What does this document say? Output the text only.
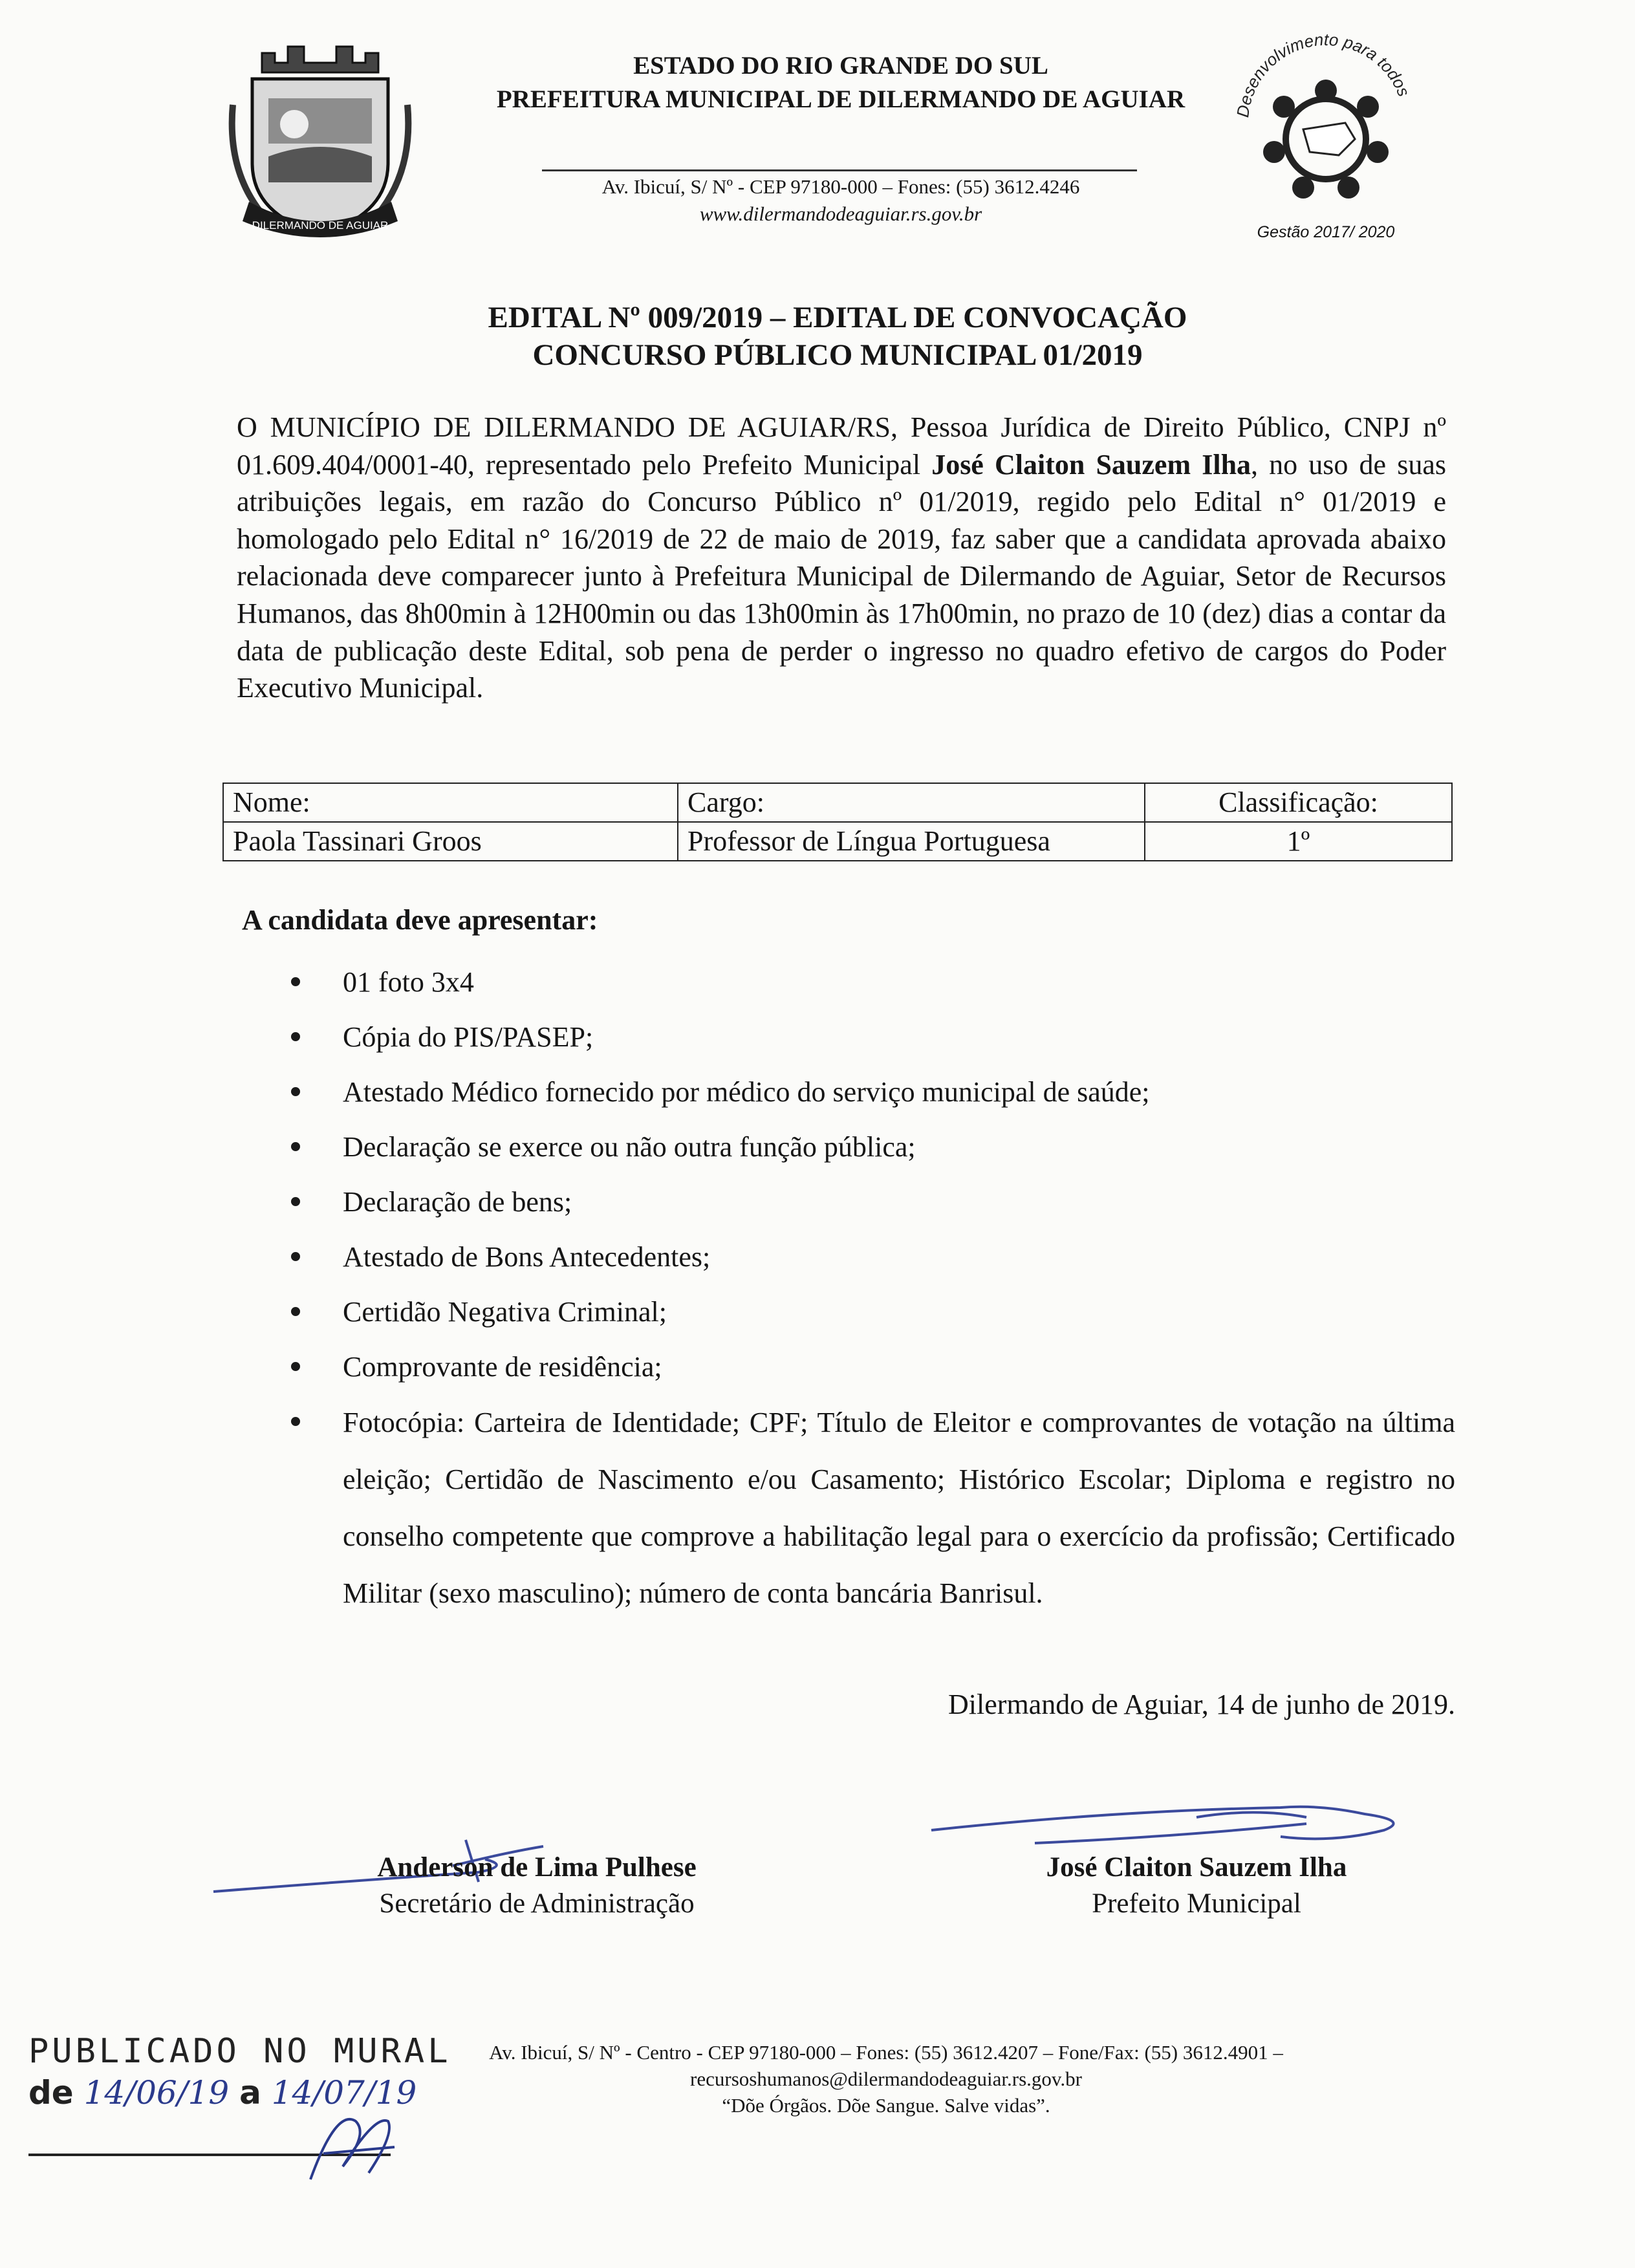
DILERMANDO DE AGUIAR
ESTADO DO RIO GRANDE DO SUL
PREFEITURA MUNICIPAL DE DILERMANDO DE AGUIAR
Av. Ibicuí, S/ Nº - CEP 97180-000 – Fones: (55) 3612.4246
www.dilermandodeaguiar.rs.gov.br
Desenvolvimento para todos
Gestão 2017/ 2020
EDITAL Nº 009/2019 – EDITAL DE CONVOCAÇÃO
CONCURSO PÚBLICO MUNICIPAL 01/2019

O MUNICÍPIO DE DILERMANDO DE AGUIAR/RS, Pessoa Jurídica de Direito Público, CNPJ nº 01.609.404/0001-40, representado pelo Prefeito Municipal José Claiton Sauzem Ilha, no uso de suas atribuições legais, em razão do Concurso Público nº 01/2019, regido pelo Edital n° 01/2019 e homologado pelo Edital n° 16/2019 de 22 de maio de 2019, faz saber que a candidata aprovada abaixo relacionada deve comparecer junto à Prefeitura Municipal de Dilermando de Aguiar, Setor de Recursos Humanos, das 8h00min à 12H00min ou das 13h00min às 17h00min, no prazo de 10 (dez) dias a contar da data de publicação deste Edital, sob pena de perder o ingresso no quadro efetivo de cargos do Poder Executivo Municipal.

Nome:	Cargo:	Classificação:
Paola Tassinari Groos	Professor de Língua Portuguesa	1º
A candidata deve apresentar:
01 foto 3x4
Cópia do PIS/PASEP;
Atestado Médico fornecido por médico do serviço municipal de saúde;
Declaração se exerce ou não outra função pública;
Declaração de bens;
Atestado de Bons Antecedentes;
Certidão Negativa Criminal;
Comprovante de residência;
Fotocópia: Carteira de Identidade; CPF; Título de Eleitor e comprovantes de votação na última eleição; Certidão de Nascimento e/ou Casamento; Histórico Escolar; Diploma e registro no conselho competente que comprove a habilitação legal para o exercício da profissão; Certificado Militar (sexo masculino); número de conta bancária Banrisul.
Dilermando de Aguiar, 14 de junho de 2019.
Anderson de Lima Pulhese
Secretário de Administração
José Claiton Sauzem Ilha
Prefeito Municipal
Av. Ibicuí, S/ Nº - Centro - CEP 97180-000 – Fones: (55) 3612.4207 – Fone/Fax: (55) 3612.4901 –
recursoshumanos@dilermandodeaguiar.rs.gov.br
“Dõe Órgãos. Dõe Sangue. Salve vidas”.
PUBLICADO NO MURAL
de 14/06/19 a 14/07/19
